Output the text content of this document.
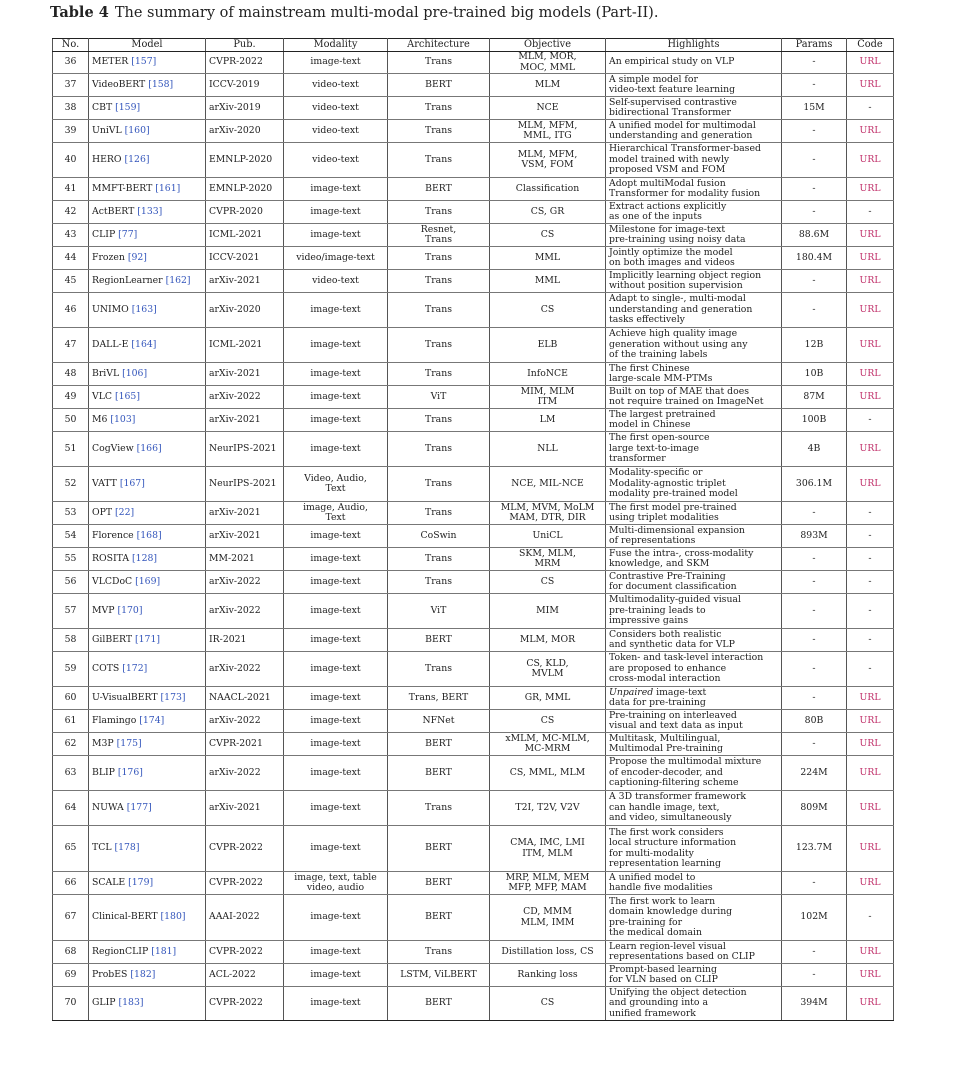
Table 4 The summary of mainstream multi-modal pre-trained big models (Part-II).
No.	Model	Pub.	Modality	Architecture	Objective	Highlights	Params	Code
36	METER [157]	CVPR-2022	image-text	Trans	MLM, MOR,
MOC, MML	An empirical study on VLP	-	URL
37	VideoBERT [158]	ICCV-2019	video-text	BERT	MLM	A simple model for
video-text feature learning	-	URL
38	CBT [159]	arXiv-2019	video-text	Trans	NCE	Self-supervised contrastive
bidirectional Transformer	15M	-
39	UniVL [160]	arXiv-2020	video-text	Trans	MLM, MFM,
MML, ITG	A unified model for multimodal
understanding and generation	-	URL
40	HERO [126]	EMNLP-2020	video-text	Trans	MLM, MFM,
VSM, FOM	Hierarchical Transformer-based
model trained with newly
proposed VSM and FOM	-	URL
41	MMFT-BERT [161]	EMNLP-2020	image-text	BERT	Classification	Adopt multiModal fusion
Transformer for modality fusion	-	URL
42	ActBERT [133]	CVPR-2020	image-text	Trans	CS, GR	Extract actions explicitly
as one of the inputs	-	-
43	CLIP [77]	ICML-2021	image-text	Resnet,
Trans	CS	Milestone for image-text
pre-training using noisy data	88.6M	URL
44	Frozen [92]	ICCV-2021	video/image-text	Trans	MML	Jointly optimize the model
on both images and videos	180.4M	URL
45	RegionLearner [162]	arXiv-2021	video-text	Trans	MML	Implicitly learning object region
without position supervision	-	URL
46	UNIMO [163]	arXiv-2020	image-text	Trans	CS	Adapt to single-, multi-modal
understanding and generation
tasks effectively	-	URL
47	DALL-E [164]	ICML-2021	image-text	Trans	ELB	Achieve high quality image
generation without using any
of the training labels	12B	URL
48	BriVL [106]	arXiv-2021	image-text	Trans	InfoNCE	The first Chinese
large-scale MM-PTMs	10B	URL
49	VLC [165]	arXiv-2022	image-text	ViT	MIM, MLM
ITM	Built on top of MAE that does
not require trained on ImageNet	87M	URL
50	M6 [103]	arXiv-2021	image-text	Trans	LM	The largest pretrained
model in Chinese	100B	-
51	CogView [166]	NeurIPS-2021	image-text	Trans	NLL	The first open-source
large text-to-image
transformer	4B	URL
52	VATT [167]	NeurIPS-2021	Video, Audio,
Text	Trans	NCE, MIL-NCE	Modality-specific or
Modality-agnostic triplet
modality pre-trained model	306.1M	URL
53	OPT [22]	arXiv-2021	image, Audio,
Text	Trans	MLM, MVM, MoLM
MAM, DTR, DIR	The first model pre-trained
using triplet modalities	-	-
54	Florence [168]	arXiv-2021	image-text	CoSwin	UniCL	Multi-dimensional expansion
of representations	893M	-
55	ROSITA [128]	MM-2021	image-text	Trans	SKM, MLM,
MRM	Fuse the intra-, cross-modality
knowledge, and SKM	-	-
56	VLCDoC [169]	arXiv-2022	image-text	Trans	CS	Contrastive Pre-Training
for document classification	-	-
57	MVP [170]	arXiv-2022	image-text	ViT	MIM	Multimodality-guided visual
pre-training leads to
impressive gains	-	-
58	GilBERT [171]	IR-2021	image-text	BERT	MLM, MOR	Considers both realistic
and synthetic data for VLP	-	-
59	COTS [172]	arXiv-2022	image-text	Trans	CS, KLD,
MVLM	Token- and task-level interaction
are proposed to enhance
cross-modal interaction	-	-
60	U-VisualBERT [173]	NAACL-2021	image-text	Trans, BERT	GR, MML	Unpaired image-text
data for pre-training	-	URL
61	Flamingo [174]	arXiv-2022	image-text	NFNet	CS	Pre-training on interleaved
visual and text data as input	80B	URL
62	M3P [175]	CVPR-2021	image-text	BERT	xMLM, MC-MLM,
MC-MRM	Multitask, Multilingual,
Multimodal Pre-training	-	URL
63	BLIP [176]	arXiv-2022	image-text	BERT	CS, MML, MLM	Propose the multimodal mixture
of encoder-decoder, and
captioning-filtering scheme	224M	URL
64	NUWA [177]	arXiv-2021	image-text	Trans	T2I, T2V, V2V	A 3D transformer framework
can handle image, text,
and video, simultaneously	809M	URL
65	TCL [178]	CVPR-2022	image-text	BERT	CMA, IMC, LMI
ITM, MLM	The first work considers
local structure information
for multi-modality
representation learning	123.7M	URL
66	SCALE [179]	CVPR-2022	image, text, table
video, audio	BERT	MRP, MLM, MEM
MFP, MFP, MAM	A unified model to
handle five modalities	-	URL
67	Clinical-BERT [180]	AAAI-2022	image-text	BERT	CD, MMM
MLM, IMM	The first work to learn
domain knowledge during
pre-training for
the medical domain	102M	-
68	RegionCLIP [181]	CVPR-2022	image-text	Trans	Distillation loss, CS	Learn region-level visual
representations based on CLIP	-	URL
69	ProbES [182]	ACL-2022	image-text	LSTM, ViLBERT	Ranking loss	Prompt-based learning
for VLN based on CLIP	-	URL
70	GLIP [183]	CVPR-2022	image-text	BERT	CS	Unifying the object detection
and grounding into a
unified framework	394M	URL
